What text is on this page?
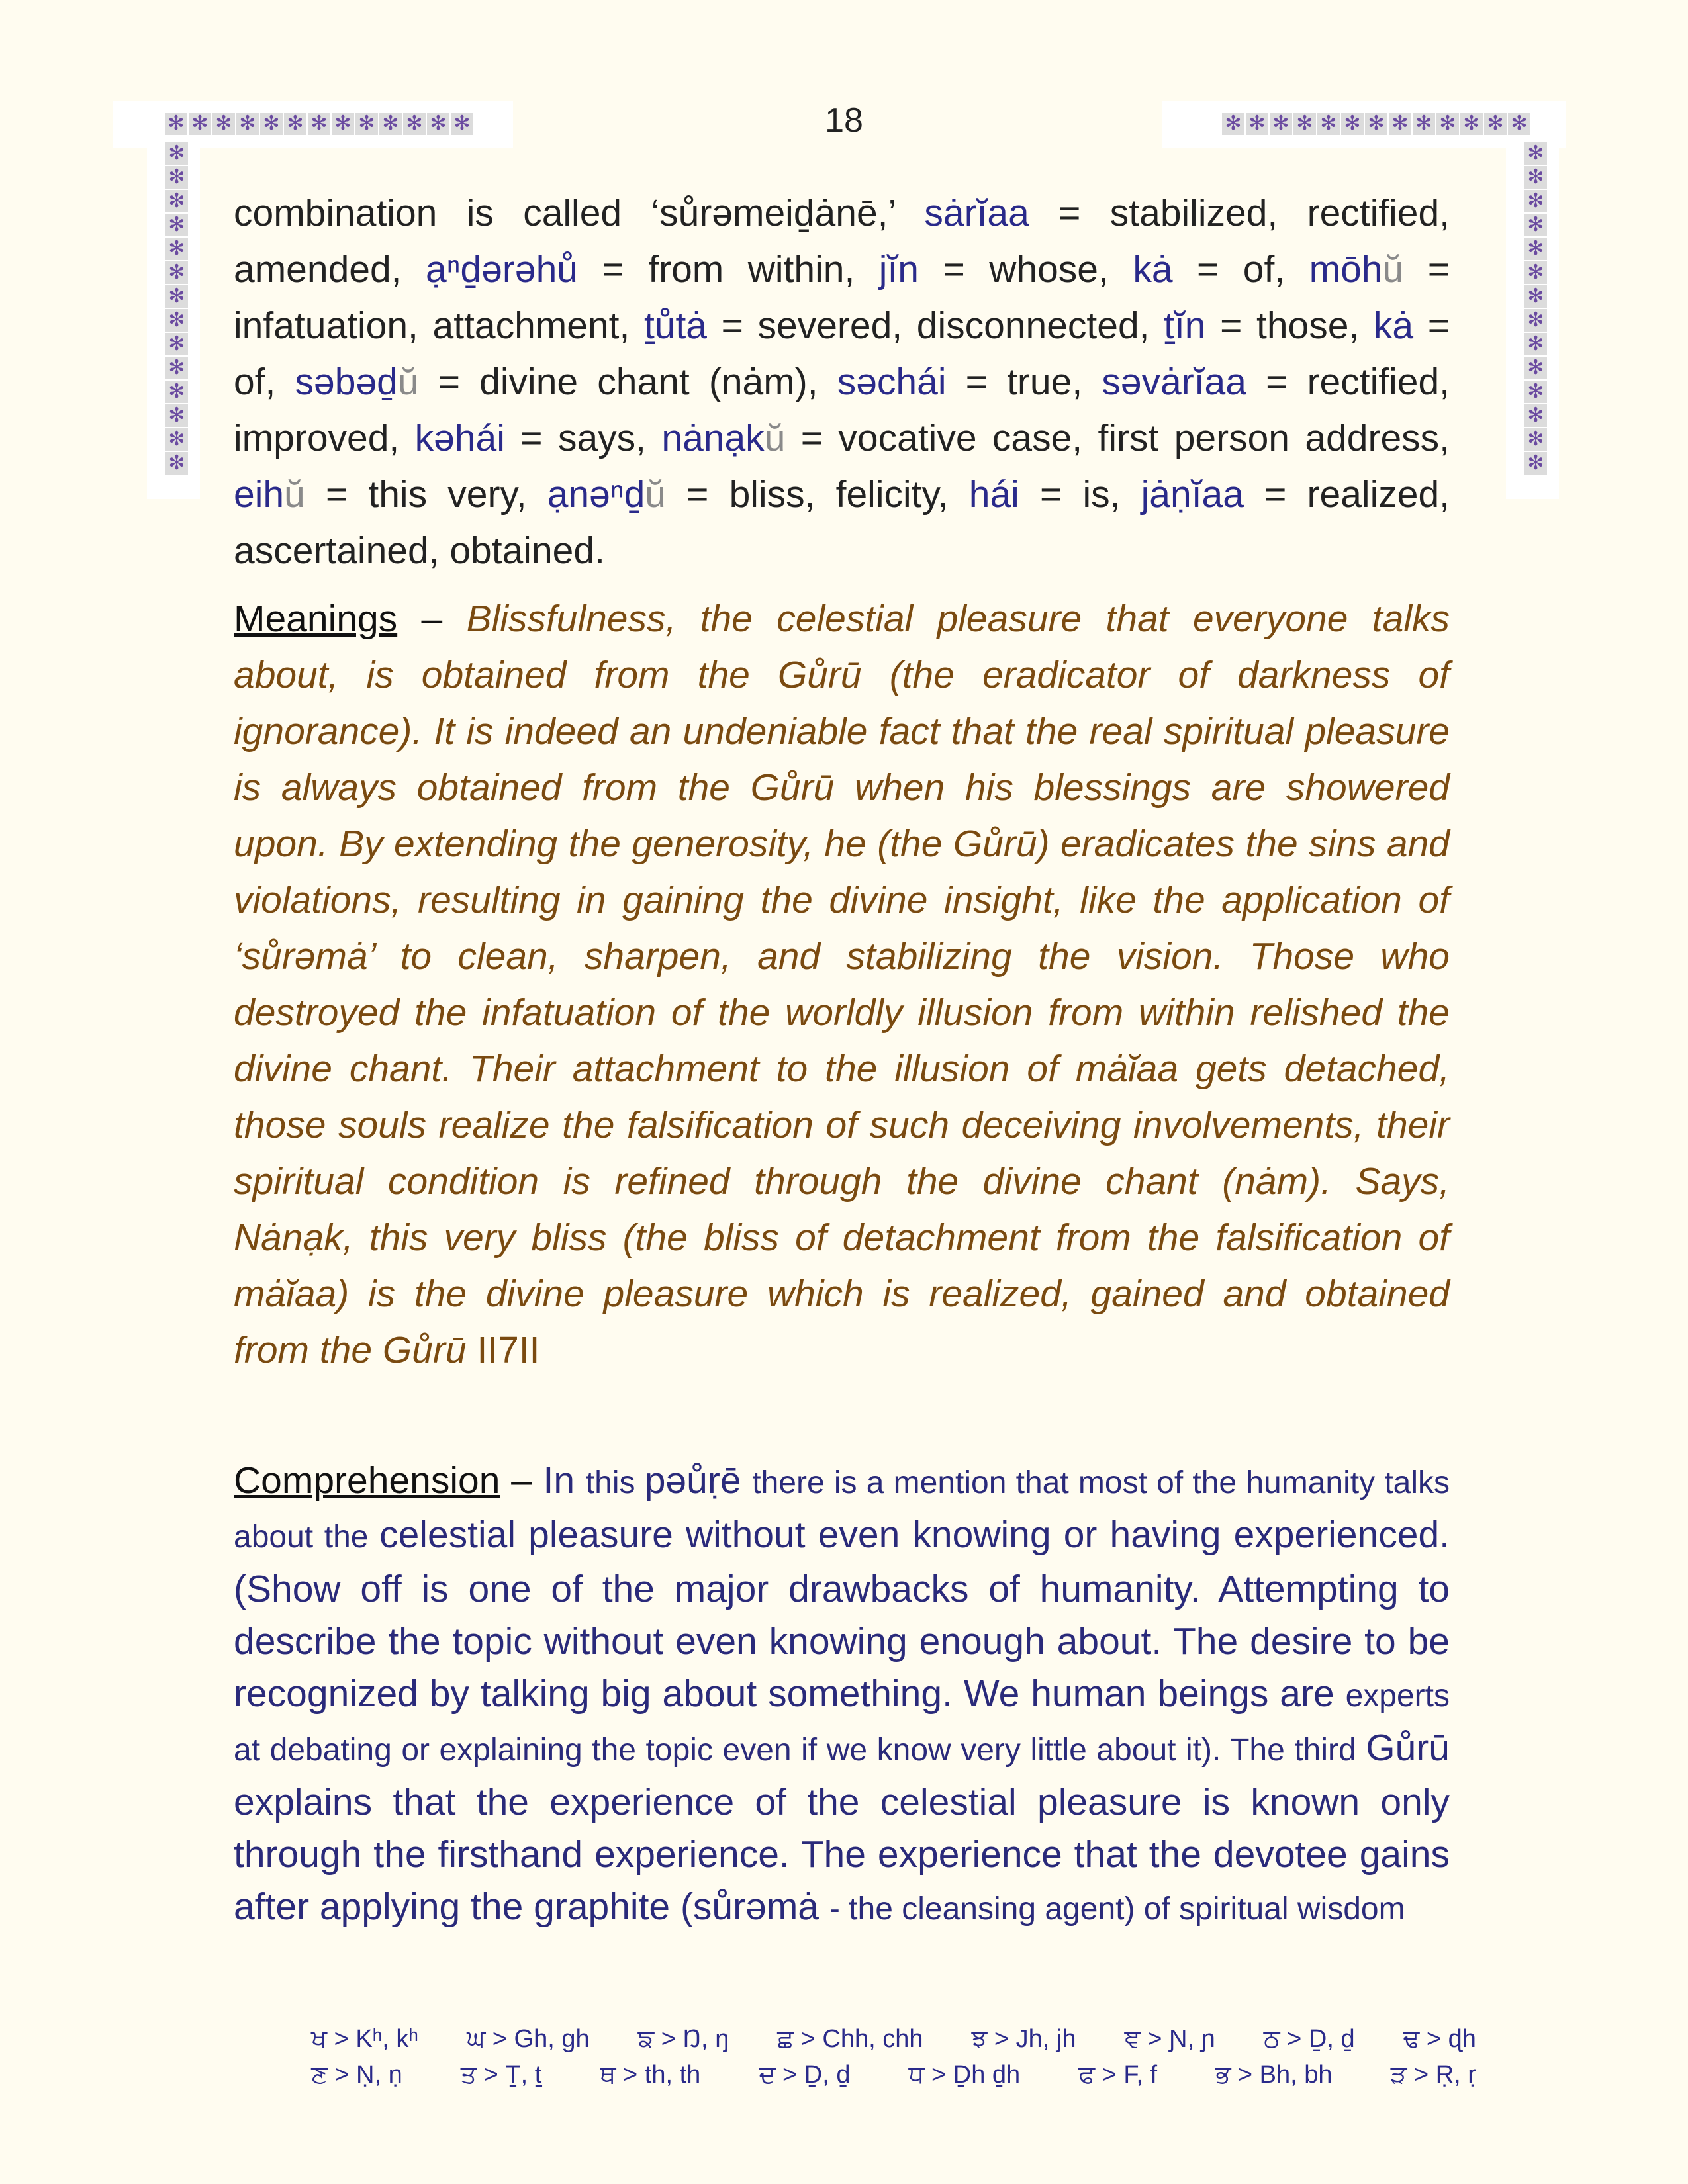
✻ ✻ ✻ ✻ ✻ ✻ ✻ ✻ ✻ ✻ ✻ ✻ ✻	✻ ✻ ✻ ✻ ✻ ✻ ✻ ✻ ✻ ✻ ✻ ✻ ✻
✻
✻
✻
✻
✻
✻
✻
✻
✻
✻
✻
✻
✻
✻
✻
✻
✻
✻
✻
✻
✻
✻
✻
✻
✻
✻
✻
✻
18
combination is called ‘sůrəmeiḏȧnē,’ sȧrĭaa = stabilized, rectified, amended, ạⁿḏərəhů = from within, jĭn = whose, kȧ = of, mōhŭ = infatuation, attachment, ṯůtȧ = severed, disconnected, ṯĭn = those, kȧ = of, səbəḏŭ = divine chant (nȧm), səchái = true, səvȧrĭaa = rectified, improved, kəhái = says, nȧnạkŭ = vocative case, first person address, eihŭ = this very, ạnəⁿḏŭ = bliss, felicity, hái = is, jȧṇĭaa = realized, ascertained, obtained.
Meanings – Blissfulness, the celestial pleasure that everyone talks about, is obtained from the Gůrū (the eradicator of darkness of ignorance). It is indeed an undeniable fact that the real spiritual pleasure is always obtained from the Gůrū when his blessings are showered upon. By extending the generosity, he (the Gůrū) eradicates the sins and violations, resulting in gaining the divine insight, like the application of ‘sůrəmȧ’ to clean, sharpen, and stabilizing the vision. Those who destroyed the infatuation of the worldly illusion from within relished the divine chant. Their attachment to the illusion of mȧĭaa gets detached, those souls realize the falsification of such deceiving involvements, their spiritual condition is refined through the divine chant (nȧm). Says, Nȧnạk, this very bliss (the bliss of detachment from the falsification of mȧĭaa) is the divine pleasure which is realized, gained and obtained from the Gůrū II7II
Comprehension – In this pəůṛē there is a mention that most of the humanity talks about the celestial pleasure without even knowing or having experienced. (Show off is one of the major drawbacks of humanity. Attempting to describe the topic without even knowing enough about. The desire to be recognized by talking big about something. We human beings are experts at debating or explaining the topic even if we know very little about it). The third Gůrū explains that the experience of the celestial pleasure is known only through the firsthand experience. The experience that the devotee gains after applying the graphite (sůrəmȧ - the cleansing agent) of spiritual wisdom
ਖ > Kʰ, kʰ ਘ > Gh, gh ਙ > Ŋ, ŋ ਛ > Chh, chh ਝ > Jh, jh ਞ > Ɲ, ɲ ਠ > Ḏ, ḏ ਢ > ɖh
ਣ > Ṇ, ṇ ਤ > Ṯ, ṯ ਥ > th, th ਦ > Ḏ, ḏ ਧ > Ḏh ḏh ਫ > F, f ਭ > Bh, bh ੜ > Ṛ, ṛ
